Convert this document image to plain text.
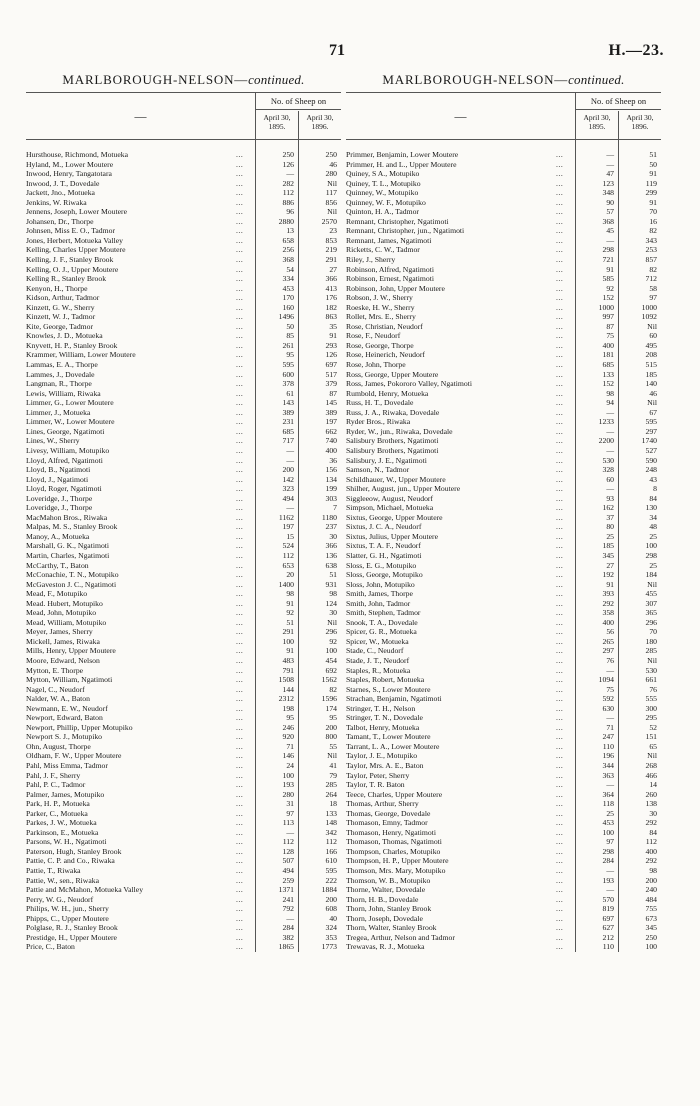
71	H.—23.
MARLBOROUGH-NELSON—continued.
—
No. of Sheep on
April 30, 1895.
April 30, 1896.
Hursthouse, Richmond, Motueka	...	250	250
Hyland, M., Lower Moutere	...	126	46
Inwood, Henry, Tangatotara	...	—	280
Inwood, J. T., Dovedale	...	282	Nil
Jackett, Jno., Motueka	...	112	117
Jenkins, W. Riwaka	...	886	856
Jennens, Joseph, Lower Moutere	...	96	Nil
Johansen, Dr., Thorpe	...	2880	2570
Johnsen, Miss E. O., Tadmor	...	13	23
Jones, Herbert, Motueka Valley	...	658	853
Kelling, Charles Upper Moutere	...	256	219
Kelling, J. F., Stanley Brook	...	368	291
Kelling, O. J., Upper Moutere	...	54	27
Kelling R., Stanley Brook	...	334	366
Kenyon, H., Thorpe	...	453	413
Kidson, Arthur, Tadmor	...	170	176
Kinzett, G. W., Sherry	...	160	182
Kinzett, W. J., Tadmor	...	1496	863
Kite, George, Tadmor	...	50	35
Knowles, J. D., Motueka	...	85	91
Knyvett, H. P., Stanley Brook	...	261	293
Krammer, William, Lower Moutere	...	95	126
Lammas, E. A., Thorpe	...	595	697
Lammes, J., Dovedale	...	600	517
Langman, R., Thorpe	...	378	379
Lewis, William, Riwaka	...	61	87
Limmer, G., Lower Moutere	...	143	145
Limmer, J., Motueka	...	389	389
Limmer, W., Lower Moutere	...	231	197
Lines, George, Ngatimoti	...	685	662
Lines, W., Sherry	...	717	740
Livesy, William, Motupiko	...	—	400
Lloyd, Alfred, Ngatimoti	...	—	36
Lloyd, B., Ngatimoti	...	200	156
Lloyd, J., Ngatimoti	...	142	134
Lloyd, Roger, Ngatimoti	...	323	199
Loveridge, J., Thorpe	...	494	303
Loveridge, J., Thorpe	...	—	7
MacMahon Bros., Riwaka	...	1162	1180
Malpas, M. S., Stanley Brook	...	197	237
Manoy, A., Motueka	...	15	30
Marshall, G. K., Ngatimoti	...	524	366
Martin, Charles, Ngatimoti	...	112	136
McCarthy, T., Baton	...	653	638
McConachie, T. N., Motupiko	...	20	51
McGaveston J. C., Ngatimoti	...	1400	931
Mead, F., Motupiko	...	98	98
Mead. Hubert, Motupiko	...	91	124
Mead, John, Motupiko	...	92	30
Mead, William, Motupiko	...	51	Nil
Meyer, James, Sherry	...	291	296
Mickell, James, Riwaka	...	100	92
Mills, Henry, Upper Moutere	...	91	100
Moore, Edward, Nelson	...	483	454
Mytton, E. Thorpe	...	791	692
Mytton, William, Ngatimoti	...	1508	1562
Nagel, C., Neudorf	...	144	82
Nalder, W. A., Baton	...	2312	1596
Newmann, E. W., Neudorf	...	198	174
Newport, Edward, Baton	...	95	95
Newport, Phillip, Upper Motupiko	...	246	200
Newport S. J., Motupiko	...	920	800
Ohn, August, Thorpe	...	71	55
Oldham, F. W., Upper Moutere	...	146	Nil
Pahl, Miss Emma, Tadmor	...	24	41
Pahl, J. F., Sherry	...	100	79
Pahl, P. C., Tadmor	...	193	285
Palmer, James, Motupiko	...	280	264
Park, H. P., Motueka	...	31	18
Parker, C., Motueka	...	97	133
Parkes, J. W., Motueka	...	113	148
Parkinson, E., Motueka	...	—	342
Parsons, W. H., Ngatimoti	...	112	112
Paterson, Hugh, Stanley Brook	...	128	166
Pattie, C. P. and Co., Riwaka	...	507	610
Pattie, T., Riwaka	...	494	595
Pattie, W., sen., Riwaka	...	259	222
Pattie and McMahon, Motueka Valley	...	1371	1884
Perry, W. G., Neudorf	...	241	200
Philips, W. H., jun., Sherry	...	792	608
Phipps, C., Upper Moutere	...	—	40
Polglase, R. J., Stanley Brook	...	284	324
Prestidge, H., Upper Moutere	...	382	353
Price, C., Baton	...	1865	1773
MARLBOROUGH-NELSON—continued.
—
No. of Sheep on
April 30, 1895.
April 30, 1896.
Primmer, Benjamin, Lower Moutere	...	—	51
Primmer, H. and L., Upper Moutere	...	—	50
Quiney, S A., Motupiko	...	47	91
Quiney, T. L., Motupiko	...	123	119
Quinney, W., Motupiko	...	348	299
Quinney, W. F., Motupiko	...	90	91
Quinton, H. A., Tadmor	...	57	70
Remnant, Christopher, Ngatimoti	...	368	16
Remnant, Christopher, jun., Ngatimoti	...	45	82
Remnant, James, Ngatimoti	...	—	343
Ricketts, C. W., Tadmor	...	298	253
Riley, J., Sherry	...	721	857
Robinson, Alfred, Ngatimoti	...	91	82
Robinson, Ernest, Ngatimoti	...	585	712
Robinson, John, Upper Moutere	...	92	58
Robson, J. W., Sherry	...	152	97
Roeske, H. W., Sherry	...	1000	1000
Rollet, Mrs. E., Sherry	...	997	1092
Rose, Christian, Neudorf	...	87	Nil
Rose, F., Neudorf	...	75	60
Rose, George, Thorpe	...	400	495
Rose, Heinerich, Neudorf	...	181	208
Rose, John, Thorpe	...	685	515
Ross, George, Upper Moutere	...	133	185
Ross, James, Pokororo Valley, Ngatimoti	...	152	140
Rumbold, Henry, Motueka	...	98	46
Russ, H. T., Dovedale	...	94	Nil
Russ, J. A., Riwaka, Dovedale	...	—	67
Ryder Bros., Riwaka	...	1233	595
Ryder, W., jun., Riwaka, Dovedale	...	—	297
Salisbury Brothers, Ngatimoti	...	2200	1740
Salisbury Brothers, Ngatimoti	...	—	527
Salisbury, J. E., Ngatimoti	...	530	590
Samson, N., Tadmor	...	328	248
Schildhauer, W., Upper Moutere	...	60	43
Shilher, August, jun., Upper Moutere	...	—	8
Siggleeow, August, Neudorf	...	93	84
Simpson, Michael, Motueka	...	162	130
Sixtus, George, Upper Moutere	...	37	34
Sixtus, J. C. A., Neudorf	...	80	48
Sixtus, Julius, Upper Moutere	...	25	25
Sixtus, T. A. F., Neudorf	...	185	100
Slatter, G. H., Ngatimoti	...	345	298
Sloss, E. G., Motupiko	...	27	25
Sloss, George, Motupiko	...	192	184
Sloss, John, Motupiko	...	91	Nil
Smith, James, Thorpe	...	393	455
Smith, John, Tadmor	...	292	307
Smith, Stephen, Tadmor	...	358	365
Snook, T. A., Dovedale	...	400	296
Spicer, G. R., Motueka	...	56	70
Spicer, W., Motueka	...	265	180
Stade, C., Neudorf	...	297	285
Stade, J. T., Neudorf	...	76	Nil
Staples, R., Motueka	...	—	530
Staples, Robert, Motueka	...	1094	661
Starnes, S., Lower Moutere	...	75	76
Strachan, Benjamin, Ngatimoti	...	592	555
Stringer, T. H., Nelson	...	630	300
Stringer, T. N., Dovedale	...	—	295
Talbot, Henry, Motueka	...	71	52
Tamant, T., Lower Moutere	...	247	151
Tarrant, L. A., Lower Moutere	...	110	65
Taylor, J. E., Motupiko	...	196	Nil
Taylor, Mrs. A. E., Baton	...	344	268
Taylor, Peter, Sherry	...	363	466
Taylor, T. R. Baton	...	—	14
Teece, Charles, Upper Moutere	...	364	260
Thomas, Arthur, Sherry	...	118	138
Thomas, George, Dovedale	...	25	30
Thomason, Emny, Tadmor	...	453	292
Thomason, Henry, Ngatimoti	...	100	84
Thomason, Thomas, Ngatimoti	...	97	112
Thompson, Charles, Motupiko	...	298	400
Thompson, H. P., Upper Moutere	...	284	292
Thomson, Mrs. Mary, Motupiko	...	—	98
Thomson, W. B., Motupiko	...	193	200
Thorne, Walter, Dovedale	...	—	240
Thorn, H. B., Dovedale	...	570	484
Thorn, John, Stanley Brook	...	819	755
Thorn, Joseph, Dovedale	...	697	673
Thorn, Walter, Stanley Brook	...	627	345
Tregea, Arthur, Nelson and Tadmor	...	212	250
Trewavas, R. J., Motueka	...	110	100
